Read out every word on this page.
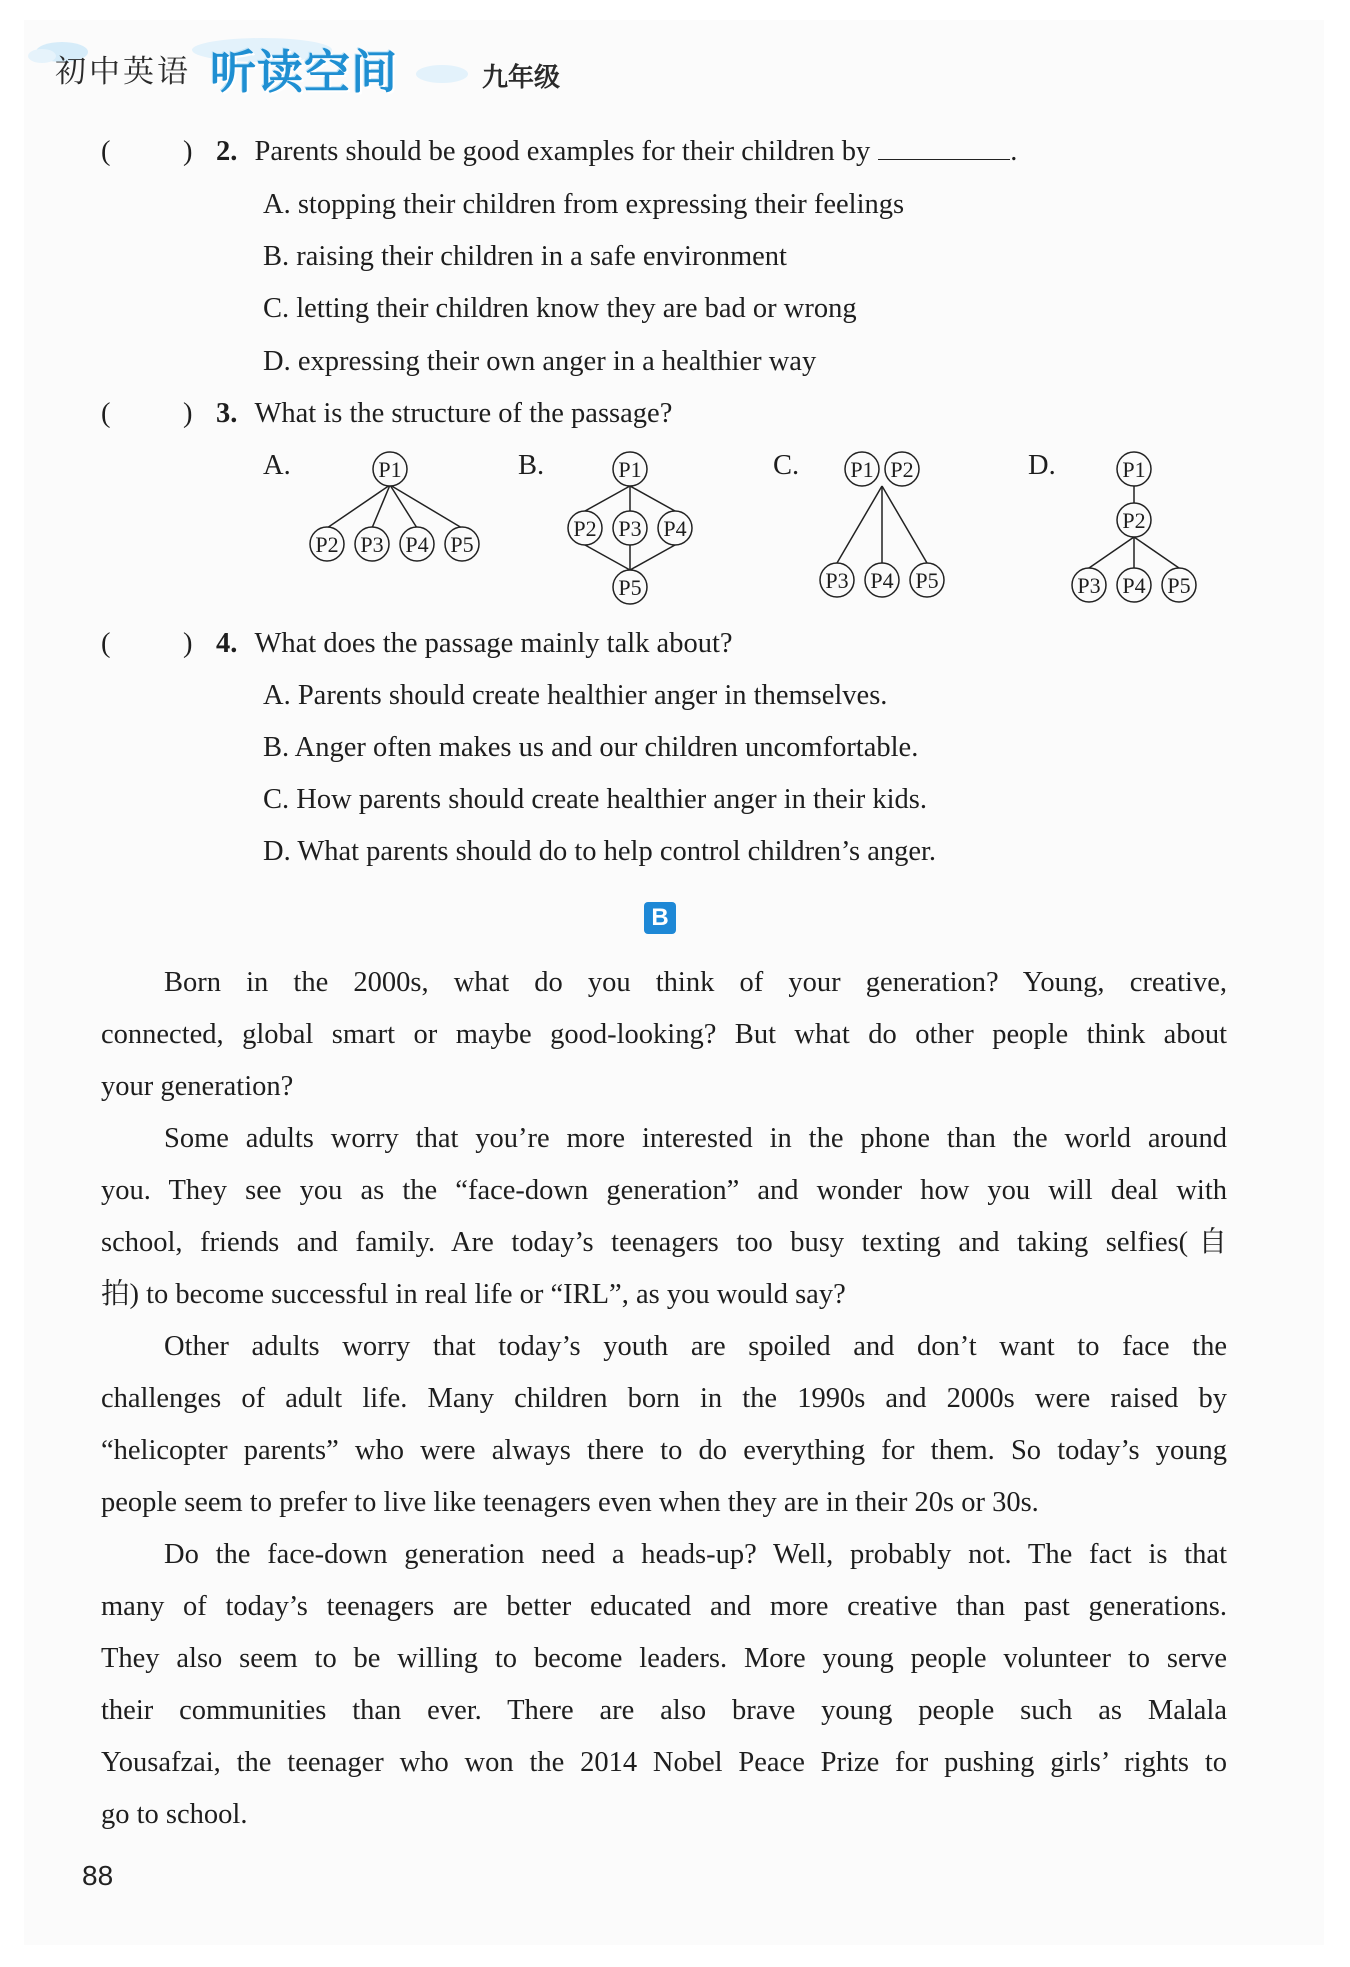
初中英语 听读空间	九年级
(	) 2. Parents should be good examples for their children by	.
A. stopping their children from expressing their feelings
B. raising their children in a safe environment
C. letting their children know they are bad or wrong
D. expressing their own anger in a healthier way
(	) 3. What is the structure of the passage?
A.	B.	C.	D.
P1
P2 P3 P4 P5
P1
P2 P3 P4
P5
P1 P2
P3 P4 P5
P1
P2
P3 P4 P5
(	) 4. What does the passage mainly talk about?
A. Parents should create healthier anger in themselves.
B. Anger often makes us and our children uncomfortable.
C. How parents should create healthier anger in their kids.
D. What parents should do to help control children’s anger.
B
Born in the 2000s, what do you think of your generation? Young, creative,
connected, global smart or maybe good-looking? But what do other people think about
your generation?
Some adults worry that you’re more interested in the phone than the world around
you. They see you as the “face-down generation” and wonder how you will deal with
school, friends and family. Are today’s teenagers too busy texting and taking selfies(自
拍) to become successful in real life or “IRL”, as you would say?
Other adults worry that today’s youth are spoiled and don’t want to face the
challenges of adult life. Many children born in the 1990s and 2000s were raised by
“helicopter parents” who were always there to do everything for them. So today’s young
people seem to prefer to live like teenagers even when they are in their 20s or 30s.
Do the face-down generation need a heads-up? Well, probably not. The fact is that
many of today’s teenagers are better educated and more creative than past generations.
They also seem to be willing to become leaders. More young people volunteer to serve
their communities than ever. There are also brave young people such as Malala
Yousafzai, the teenager who won the 2014 Nobel Peace Prize for pushing girls’ rights to
go to school.
88
